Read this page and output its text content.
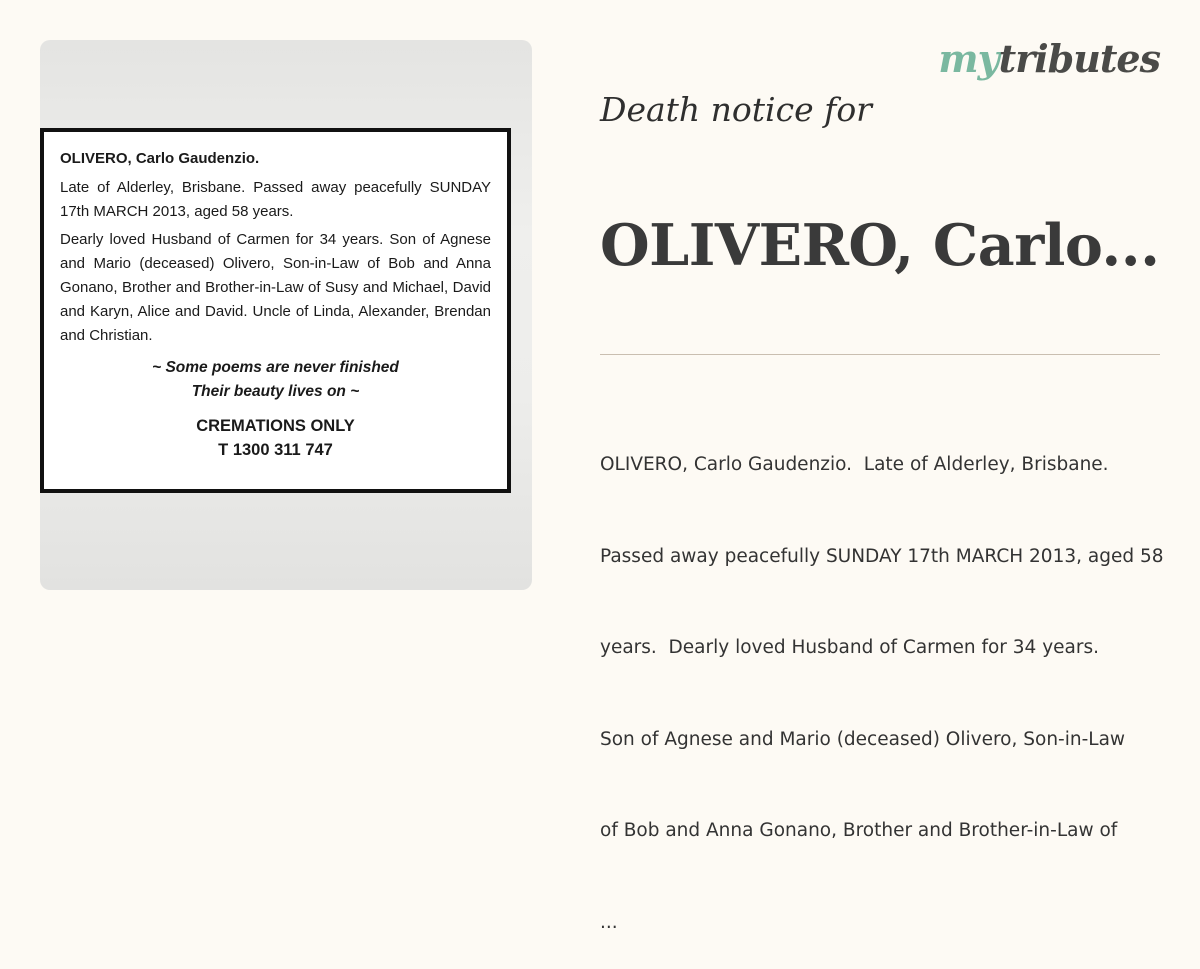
OLIVERO, Carlo Gaudenzio.

Late of Alderley, Brisbane. Passed away peacefully SUNDAY 17th MARCH 2013, aged 58 years.

Dearly loved Husband of Carmen for 34 years. Son of Agnese and Mario (deceased) Olivero, Son-in-Law of Bob and Anna Gonano, Brother and Brother-in-Law of Susy and Michael, David and Karyn, Alice and David. Uncle of Linda, Alexander, Brendan and Christian.

~ Some poems are never finished
Their beauty lives on ~
CREMATIONS ONLY
T 1300 311 747
mytributes
Death notice for
OLIVERO, Carlo...

OLIVERO, Carlo Gaudenzio.  Late of Alderley, Brisbane.

Passed away peacefully SUNDAY 17th MARCH 2013, aged 58

years.  Dearly loved Husband of Carmen for 34 years.

Son of Agnese and Mario (deceased) Olivero, Son-in-Law

of Bob and Anna Gonano, Brother and Brother-in-Law of

...
